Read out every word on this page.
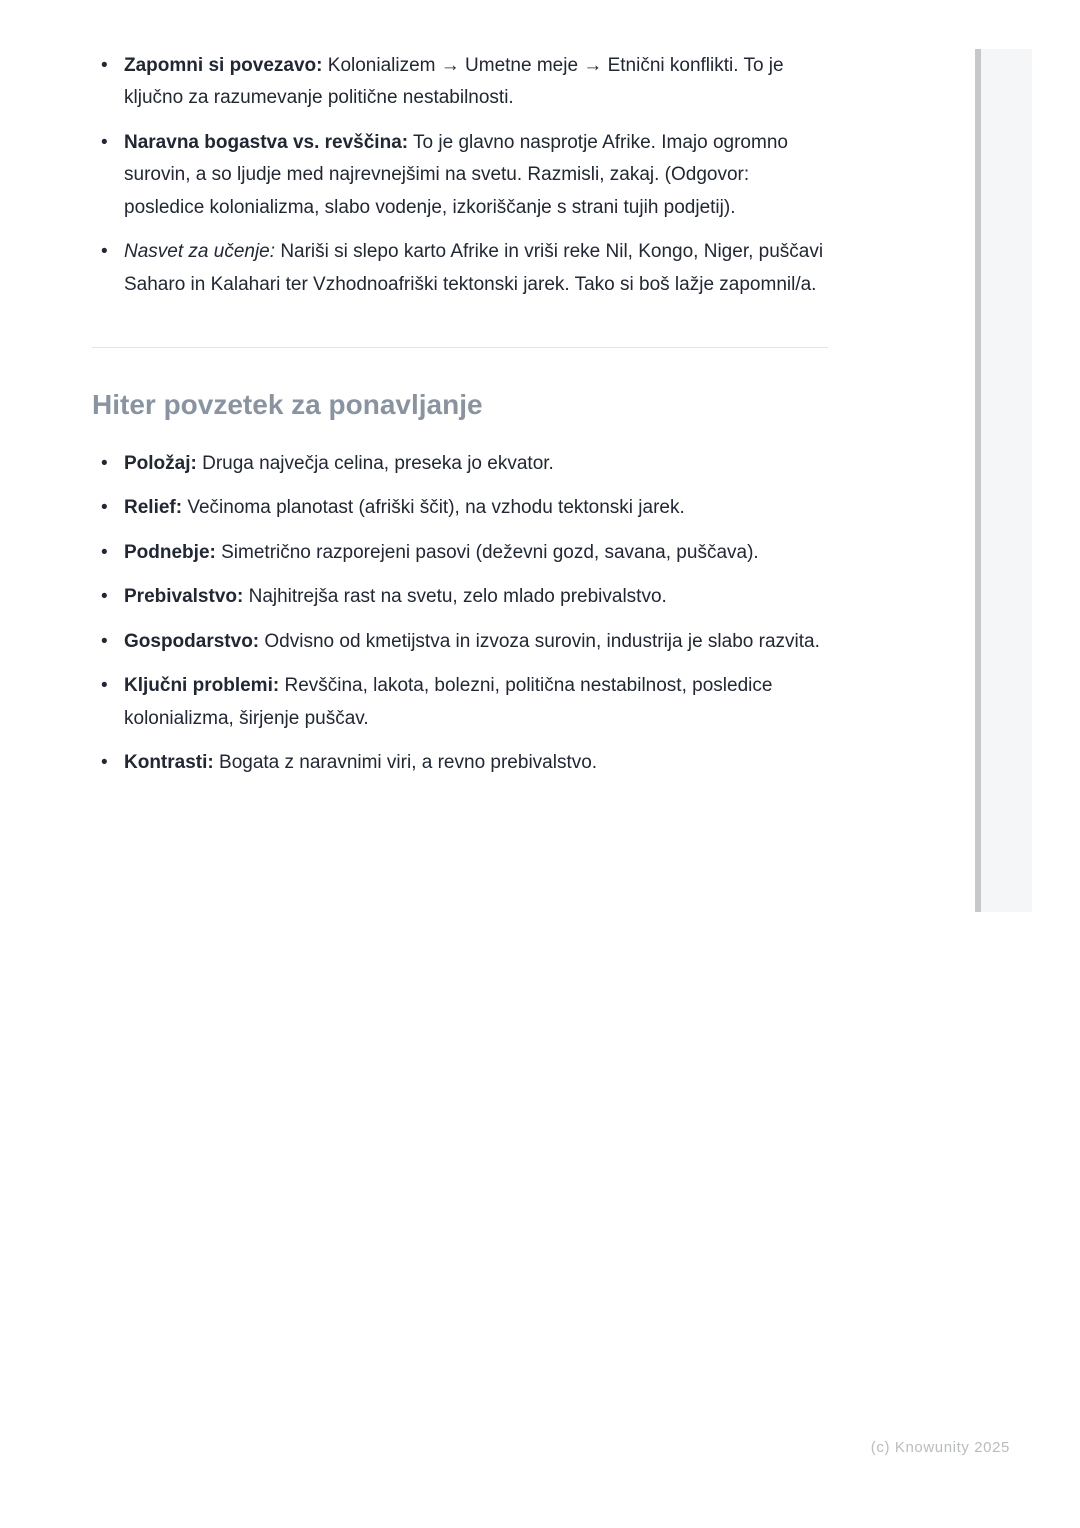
• Zapomni si povezavo: Kolonializem → Umetne meje → Etnični konflikti. To je ključno za razumevanje politične nestabilnosti.
• Naravna bogastva vs. revščina: To je glavno nasprotje Afrike. Imajo ogromno surovin, a so ljudje med najrevnejšimi na svetu. Razmisli, zakaj. (Odgovor: posledice kolonializma, slabo vodenje, izkoriščanje s strani tujih podjetij).
• Nasvet za učenje: Nariši si slepo karto Afrike in vriši reke Nil, Kongo, Niger, puščavi Saharo in Kalahari ter Vzhodnoafriški tektonski jarek. Tako si boš lažje zapomnil/a.
Hiter povzetek za ponavljanje
• Položaj: Druga največja celina, preseka jo ekvator.
• Relief: Večinoma planotast (afriški ščit), na vzhodu tektonski jarek.
• Podnebje: Simetrično razporejeni pasovi (deževni gozd, savana, puščava).
• Prebivalstvo: Najhitrejša rast na svetu, zelo mlado prebivalstvo.
• Gospodarstvo: Odvisno od kmetijstva in izvoza surovin, industrija je slabo razvita.
• Ključni problemi: Revščina, lakota, bolezni, politična nestabilnost, posledice kolonializma, širjenje puščav.
• Kontrasti: Bogata z naravnimi viri, a revno prebivalstvo.
(c) Knowunity 2025
